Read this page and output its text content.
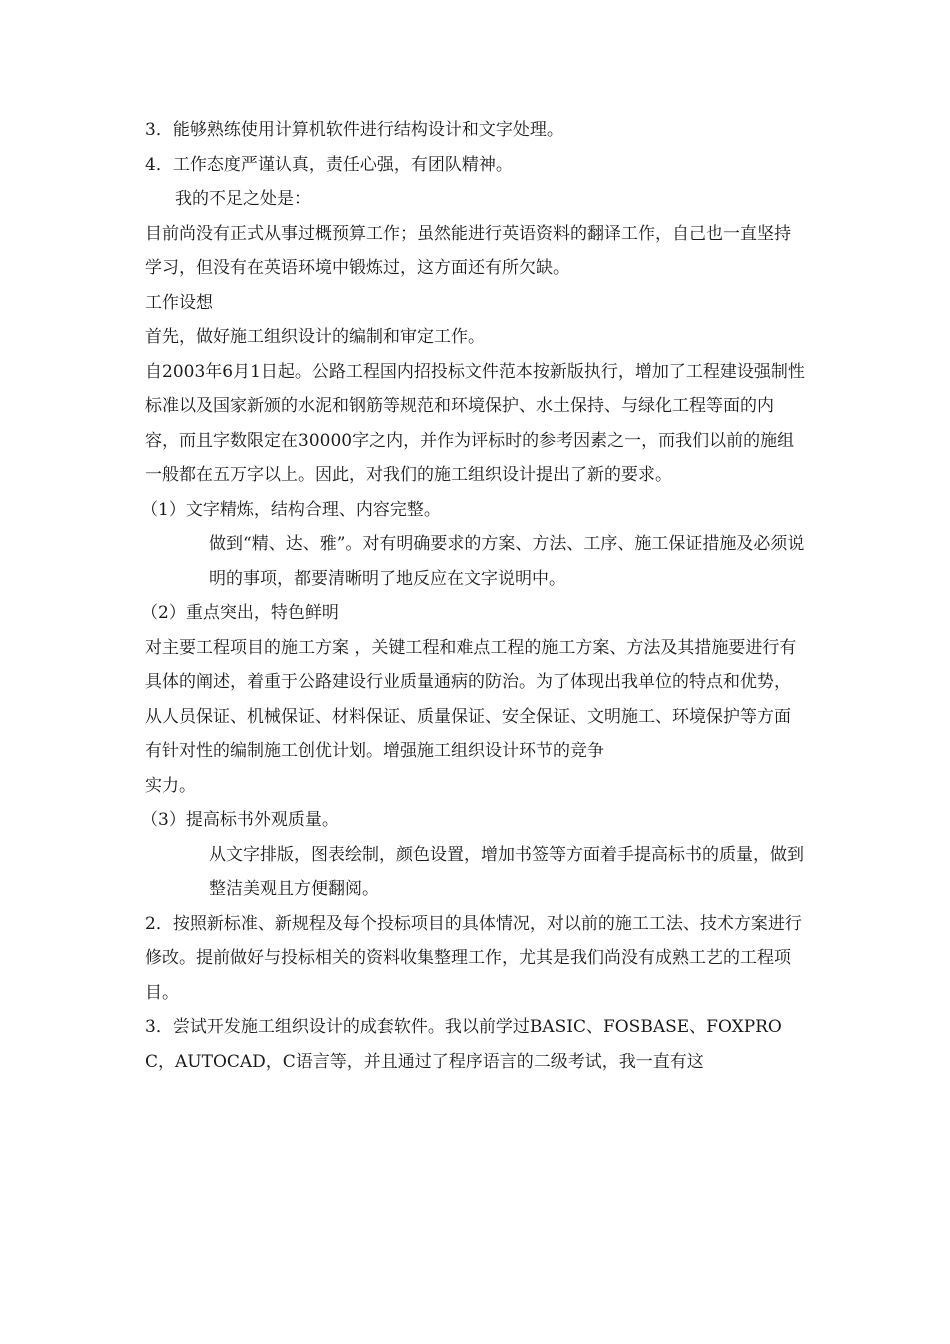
3．能够熟练使用计算机软件进行结构设计和文字处理。

4．工作态度严谨认真，责任心强，有团队精神。

我的不足之处是：

目前尚没有正式从事过概预算工作；虽然能进行英语资料的翻译工作，自己也一直坚持学习，但没有在英语环境中锻炼过，这方面还有所欠缺。

工作设想

首先，做好施工组织设计的编制和审定工作。

自2003年6月1日起。公路工程国内招投标文件范本按新版执行，增加了工程建设强制性标准以及国家新颁的水泥和钢筋等规范和环境保护、水土保持、与绿化工程等面的内容，而且字数限定在30000字之内，并作为评标时的参考因素之一，而我们以前的施组一般都在五万字以上。因此，对我们的施工组织设计提出了新的要求。

（1）文字精炼，结构合理、内容完整。

做到“精、达、雅”。对有明确要求的方案、方法、工序、施工保证措施及必须说明的事项，都要清晰明了地反应在文字说明中。

（2）重点突出，特色鲜明

对主要工程项目的施工方案 ，关键工程和难点工程的施工方案、方法及其措施要进行有具体的阐述，着重于公路建设行业质量通病的防治。为了体现出我单位的特点和优势，从人员保证、机械保证、材料保证、质量保证、安全保证、文明施工、环境保护等方面有针对性的编制施工创优计划。增强施工组织设计环节的竞争

实力。

（3）提高标书外观质量。

从文字排版，图表绘制，颜色设置，增加书签等方面着手提高标书的质量，做到整洁美观且方便翻阅。

2．按照新标准、新规程及每个投标项目的具体情况，对以前的施工工法、技术方案进行修改。提前做好与投标相关的资料收集整理工作，尤其是我们尚没有成熟工艺的工程项目。

3．尝试开发施工组织设计的成套软件。我以前学过BASIC、FOSBASE、FOXPROC，AUTOCAD，C语言等，并且通过了程序语言的二级考试，我一直有这
